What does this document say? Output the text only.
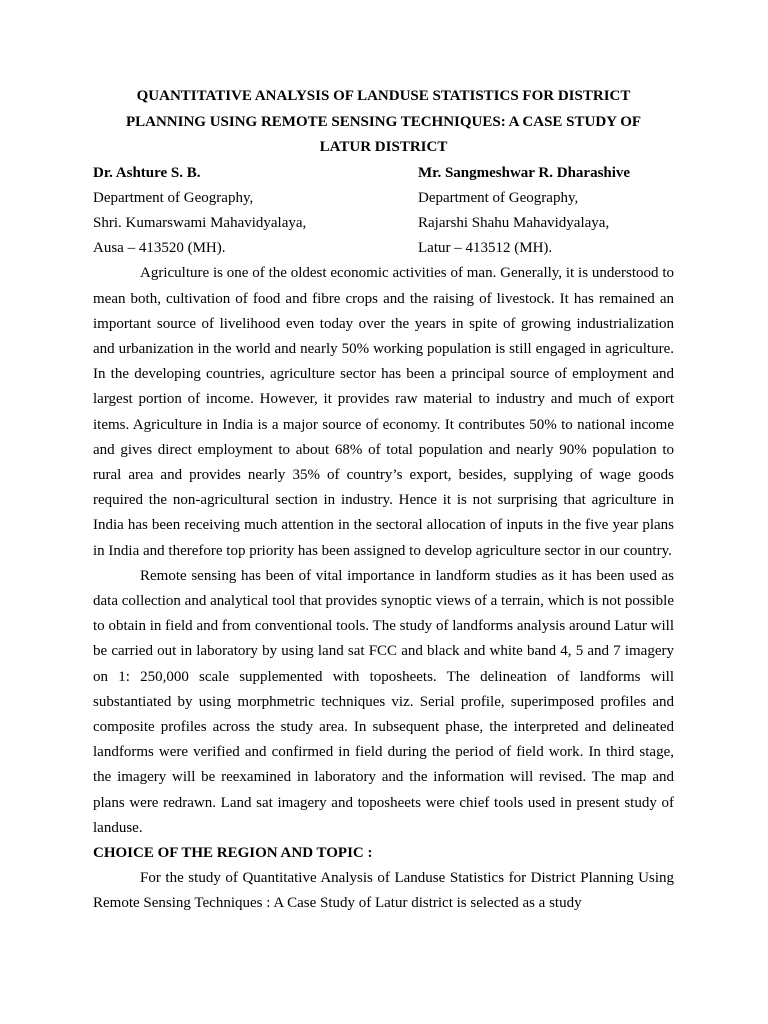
QUANTITATIVE ANALYSIS OF LANDUSE STATISTICS FOR DISTRICT
PLANNING USING REMOTE SENSING TECHNIQUES: A CASE STUDY OF
LATUR DISTRICT
Dr. Ashture S. B.
Department of Geography,
Shri. Kumarswami Mahavidyalaya,
Ausa – 413520 (MH).
Mr. Sangmeshwar R. Dharashive
Department of Geography,
Rajarshi Shahu Mahavidyalaya,
Latur – 413512 (MH).

Agriculture is one of the oldest economic activities of man. Generally, it is understood to mean both, cultivation of food and fibre crops and the raising of livestock. It has remained an important source of livelihood even today over the years in spite of growing industrialization and urbanization in the world and nearly 50% working population is still engaged in agriculture. In the developing countries, agriculture sector has been a principal source of employment and largest portion of income. However, it provides raw material to industry and much of export items. Agriculture in India is a major source of economy. It contributes 50% to national income and gives direct employment to about 68% of total population and nearly 90% population to rural area and provides nearly 35% of country’s export, besides, supplying of wage goods required the non-agricultural section in industry. Hence it is not surprising that agriculture in India has been receiving much attention in the sectoral allocation of inputs in the five year plans in India and therefore top priority has been assigned to develop agriculture sector in our country.

Remote sensing has been of vital importance in landform studies as it has been used as data collection and analytical tool that provides synoptic views of a terrain, which is not possible to obtain in field and from conventional tools. The study of landforms analysis around Latur will be carried out in laboratory by using land sat FCC and black and white band 4, 5 and 7 imagery on 1: 250,000 scale supplemented with toposheets. The delineation of landforms will substantiated by using morphmetric techniques viz. Serial profile, superimposed profiles and composite profiles across the study area. In subsequent phase, the interpreted and delineated landforms were verified and confirmed in field during the period of field work. In third stage, the imagery will be reexamined in laboratory and the information will revised. The map and plans were redrawn. Land sat imagery and toposheets were chief tools used in present study of landuse.

CHOICE OF THE REGION AND TOPIC :

For the study of Quantitative Analysis of Landuse Statistics for District Planning Using Remote Sensing Techniques : A Case Study of Latur district is selected as a study
